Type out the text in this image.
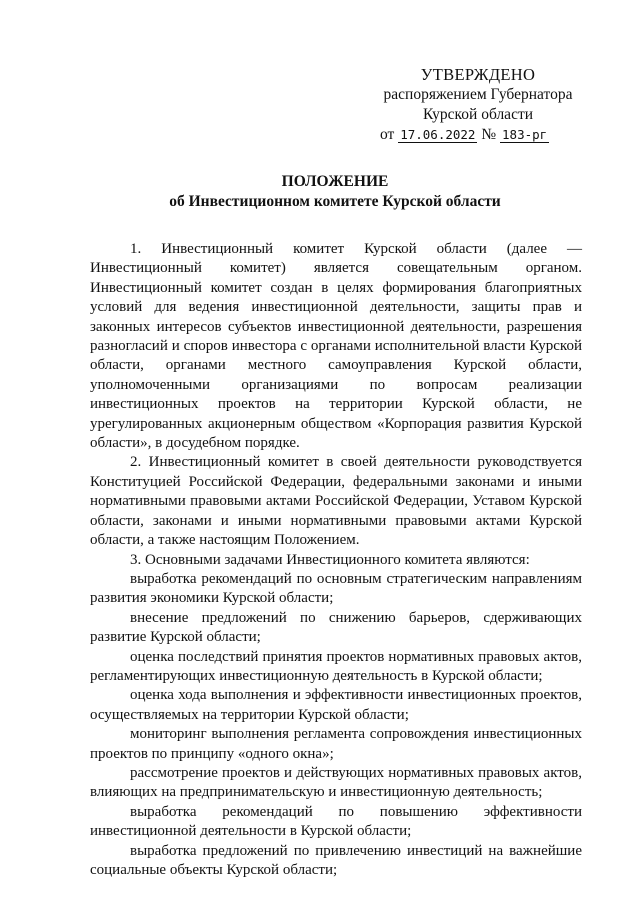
УТВЕРЖДЕНО
распоряжением Губернатора
Курской области
от 17.06.2022 № 183-рг
ПОЛОЖЕНИЕ
об Инвестиционном комитете Курской области

1. Инвестиционный комитет Курской области (далее — Инвестиционный комитет) является совещательным органом. Инвестиционный комитет создан в целях формирования благоприятных условий для ведения инвестиционной деятельности, защиты прав и законных интересов субъектов инвестиционной деятельности, разрешения разногласий и споров инвестора с органами исполнительной власти Курской области, органами местного самоуправления Курской области, уполномоченными организациями по вопросам реализации инвестиционных проектов на территории Курской области, не урегулированных акционерным обществом «Корпорация развития Курской области», в досудебном порядке.

2. Инвестиционный комитет в своей деятельности руководствуется Конституцией Российской Федерации, федеральными законами и иными нормативными правовыми актами Российской Федерации, Уставом Курской области, законами и иными нормативными правовыми актами Курской области, а также настоящим Положением.

3. Основными задачами Инвестиционного комитета являются:

выработка рекомендаций по основным стратегическим направлениям развития экономики Курской области;

внесение предложений по снижению барьеров, сдерживающих развитие Курской области;

оценка последствий принятия проектов нормативных правовых актов, регламентирующих инвестиционную деятельность в Курской области;

оценка хода выполнения и эффективности инвестиционных проектов, осуществляемых на территории Курской области;

мониторинг выполнения регламента сопровождения инвестиционных проектов по принципу «одного окна»;

рассмотрение проектов и действующих нормативных правовых актов, влияющих на предпринимательскую и инвестиционную деятельность;

выработка рекомендаций по повышению эффективности инвестиционной деятельности в Курской области;

выработка предложений по привлечению инвестиций на важнейшие социальные объекты Курской области;
